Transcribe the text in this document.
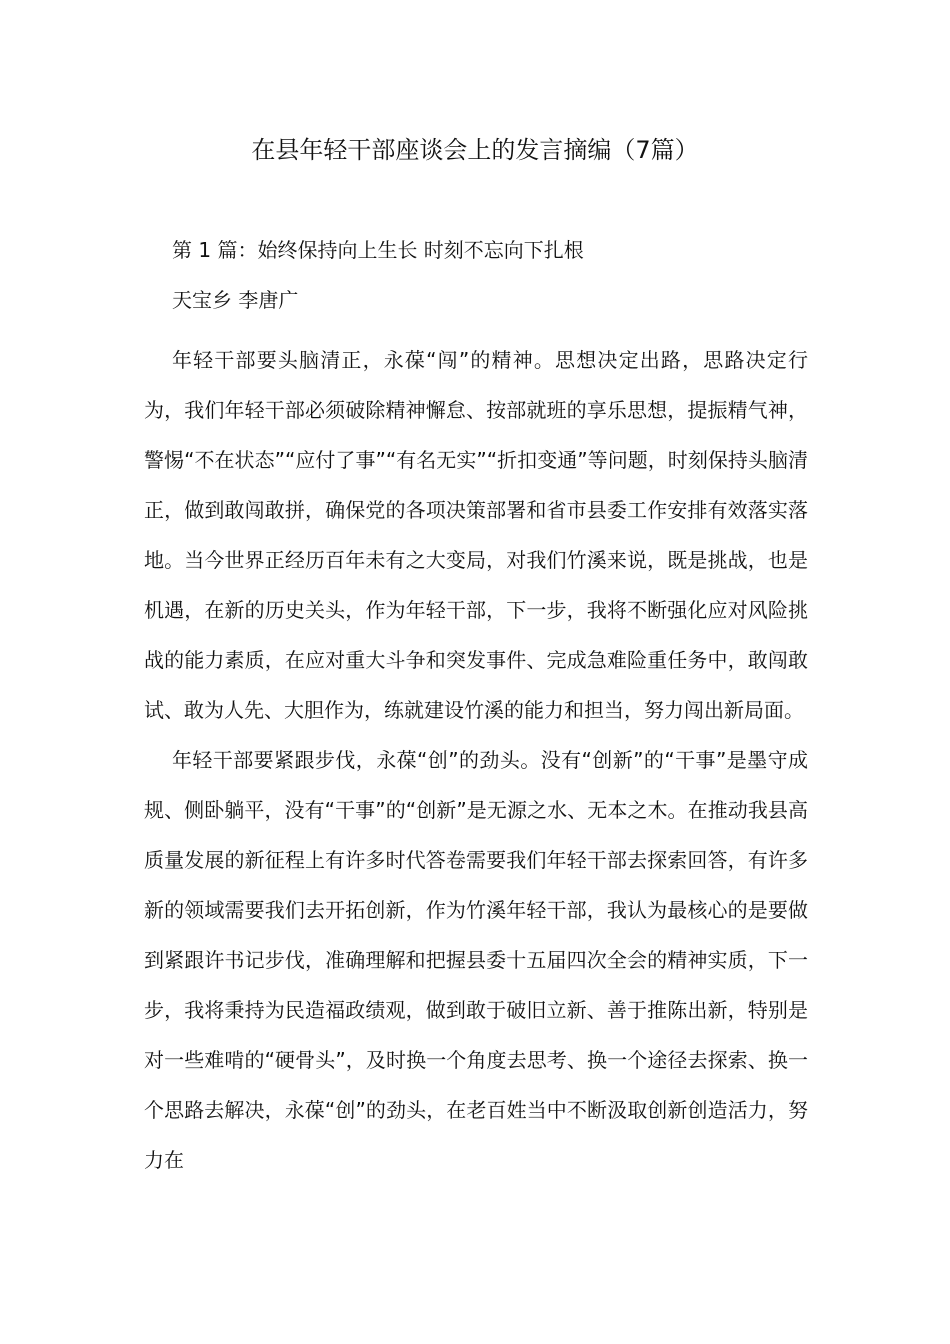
在县年轻干部座谈会上的发言摘编（7篇）

第 1 篇：始终保持向上生长 时刻不忘向下扎根

天宝乡 李唐广

年轻干部要头脑清正，永葆“闯”的精神。思想决定出路，思路决定行为，我们年轻干部必须破除精神懈怠、按部就班的享乐思想，提振精气神，警惕“不在状态”“应付了事”“有名无实”“折扣变通”等问题，时刻保持头脑清正，做到敢闯敢拼，确保党的各项决策部署和省市县委工作安排有效落实落地。当今世界正经历百年未有之大变局，对我们竹溪来说，既是挑战，也是机遇，在新的历史关头，作为年轻干部，下一步，我将不断强化应对风险挑战的能力素质，在应对重大斗争和突发事件、完成急难险重任务中，敢闯敢试、敢为人先、大胆作为，练就建设竹溪的能力和担当，努力闯出新局面。

年轻干部要紧跟步伐，永葆“创”的劲头。没有“创新”的“干事”是墨守成规、侧卧躺平，没有“干事”的“创新”是无源之水、无本之木。在推动我县高质量发展的新征程上有许多时代答卷需要我们年轻干部去探索回答，有许多新的领域需要我们去开拓创新，作为竹溪年轻干部，我认为最核心的是要做到紧跟许书记步伐，准确理解和把握县委十五届四次全会的精神实质，下一步，我将秉持为民造福政绩观，做到敢于破旧立新、善于推陈出新，特别是对一些难啃的“硬骨头”，及时换一个角度去思考、换一个途径去探索、换一个思路去解决，永葆“创”的劲头，在老百姓当中不断汲取创新创造活力，努力在
